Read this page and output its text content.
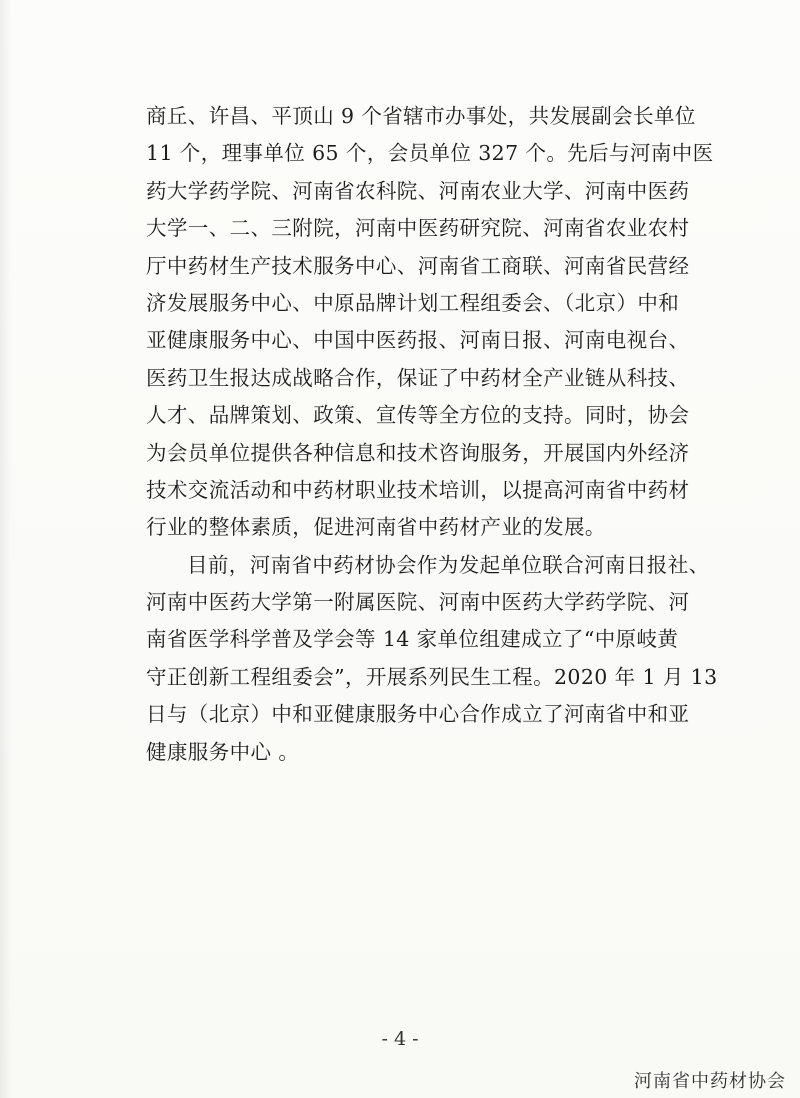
商丘、许昌、平顶山 9 个省辖市办事处，共发展副会长单位
11 个，理事单位 65 个，会员单位 327 个。先后与河南中医
药大学药学院、河南省农科院、河南农业大学、河南中医药
大学一、二、三附院，河南中医药研究院、河南省农业农村
厅中药材生产技术服务中心、河南省工商联、河南省民营经
济发展服务中心、中原品牌计划工程组委会、（北京）中和
亚健康服务中心、中国中医药报、河南日报、河南电视台、
医药卫生报达成战略合作，保证了中药材全产业链从科技、
人才、品牌策划、政策、宣传等全方位的支持。同时，协会
为会员单位提供各种信息和技术咨询服务，开展国内外经济
技术交流活动和中药材职业技术培训，以提高河南省中药材
行业的整体素质，促进河南省中药材产业的发展。
目前，河南省中药材协会作为发起单位联合河南日报社、
河南中医药大学第一附属医院、河南中医药大学药学院、河
南省医学科学普及学会等 14 家单位组建成立了“中原岐黄
守正创新工程组委会”，开展系列民生工程。2020 年 1 月 13
日与（北京）中和亚健康服务中心合作成立了河南省中和亚
健康服务中心 。
- 4 -
河南省中药材协会
